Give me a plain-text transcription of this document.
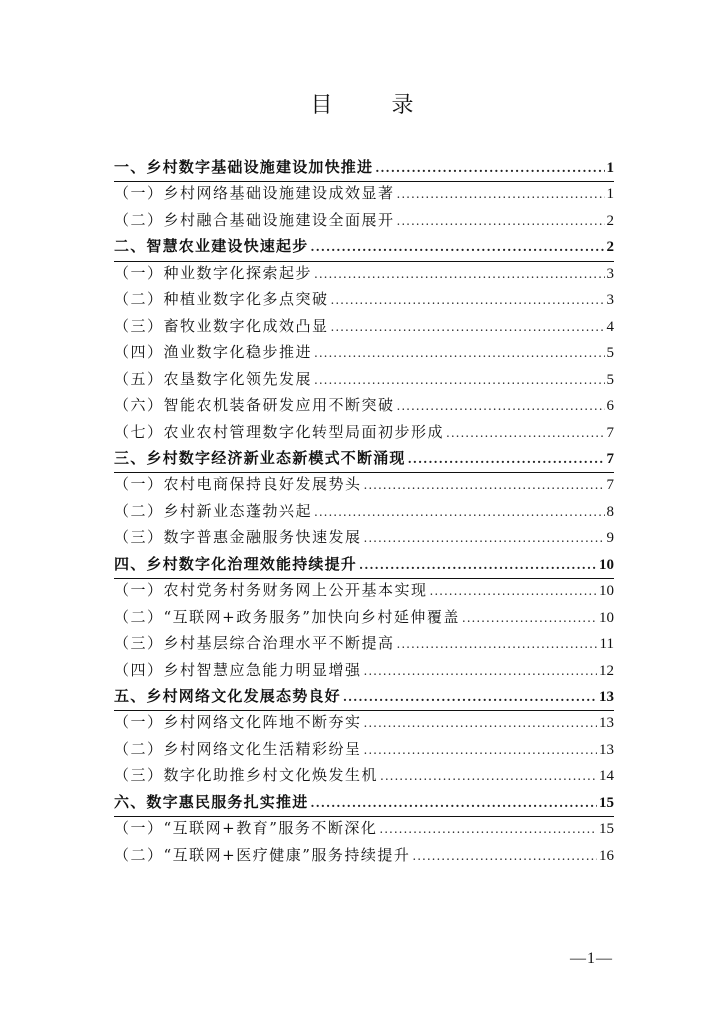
目 录
一、乡村数字基础设施建设加快推进 .....	1
（一）乡村网络基础设施建设成效显著 .....	1
（二）乡村融合基础设施建设全面展开 .....	2
二、智慧农业建设快速起步 .....	2
（一）种业数字化探索起步 .....	3
（二）种植业数字化多点突破 .....	3
（三）畜牧业数字化成效凸显 .....	4
（四）渔业数字化稳步推进 .....	5
（五）农垦数字化领先发展 .....	5
（六）智能农机装备研发应用不断突破 .....	6
（七）农业农村管理数字化转型局面初步形成 .....	7
三、乡村数字经济新业态新模式不断涌现 .....	7
（一）农村电商保持良好发展势头 .....	7
（二）乡村新业态蓬勃兴起 .....	8
（三）数字普惠金融服务快速发展 .....	9
四、乡村数字化治理效能持续提升 .....	10
（一）农村党务村务财务网上公开基本实现 .....	10
（二）“互联网+政务服务”加快向乡村延伸覆盖 .....	10
（三）乡村基层综合治理水平不断提高 .....	11
（四）乡村智慧应急能力明显增强 .....	12
五、乡村网络文化发展态势良好 .....	13
（一）乡村网络文化阵地不断夯实 .....	13
（二）乡村网络文化生活精彩纷呈 .....	13
（三）数字化助推乡村文化焕发生机 .....	14
六、数字惠民服务扎实推进 .....	15
（一）“互联网+教育”服务不断深化 .....	15
（二）“互联网+医疗健康”服务持续提升 .....	16
—1—
